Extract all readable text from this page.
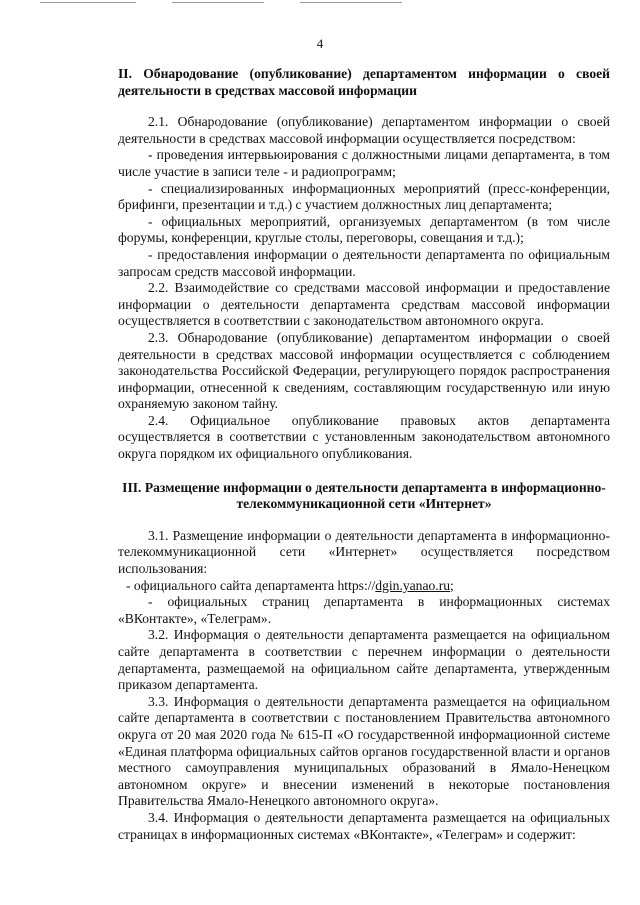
4

II. Обнародование (опубликование) департаментом информации о своей деятельности в средствах массовой информации

2.1. Обнародование (опубликование) департаментом информации о своей деятельности в средствах массовой информации осуществляется посредством:

- проведения интервьюирования с должностными лицами департамента, в том числе участие в записи теле - и радиопрограмм;

- специализированных информационных мероприятий (пресс-конференции, брифинги, презентации и т.д.) с участием должностных лиц департамента;

- официальных мероприятий, организуемых департаментом (в том числе форумы, конференции, круглые столы, переговоры, совещания и т.д.);

- предоставления информации о деятельности департамента по официальным запросам средств массовой информации.

2.2. Взаимодействие со средствами массовой информации и предоставление информации о деятельности департамента средствам массовой информации осуществляется в соответствии с законодательством автономного округа.

2.3. Обнародование (опубликование) департаментом информации о своей деятельности в средствах массовой информации осуществляется с соблюдением законодательства Российской Федерации, регулирующего порядок распространения информации, отнесенной к сведениям, составляющим государственную или иную охраняемую законом тайну.

2.4. Официальное опубликование правовых актов департамента осуществляется в соответствии с установленным законодательством автономного округа порядком их официального опубликования.

III. Размещение информации о деятельности департамента в информационно-телекоммуникационной сети «Интернет»

3.1. Размещение информации о деятельности департамента в информационно-телекоммуникационной сети «Интернет» осуществляется посредством использования:

- официального сайта департамента https://dgin.yanao.ru;

- официальных страниц департамента в информационных системах «ВКонтакте», «Телеграм».

3.2. Информация о деятельности департамента размещается на официальном сайте департамента в соответствии с перечнем информации о деятельности департамента, размещаемой на официальном сайте департамента, утвержденным приказом департамента.

3.3. Информация о деятельности департамента размещается на официальном сайте департамента в соответствии с постановлением Правительства автономного округа от 20 мая 2020 года № 615-П «О государственной информационной системе «Единая платформа официальных сайтов органов государственной власти и органов местного самоуправления муниципальных образований в Ямало-Ненецком автономном округе» и внесении изменений в некоторые постановления Правительства Ямало-Ненецкого автономного округа».

3.4. Информация о деятельности департамента размещается на официальных страницах в информационных системах «ВКонтакте», «Телеграм» и содержит:
